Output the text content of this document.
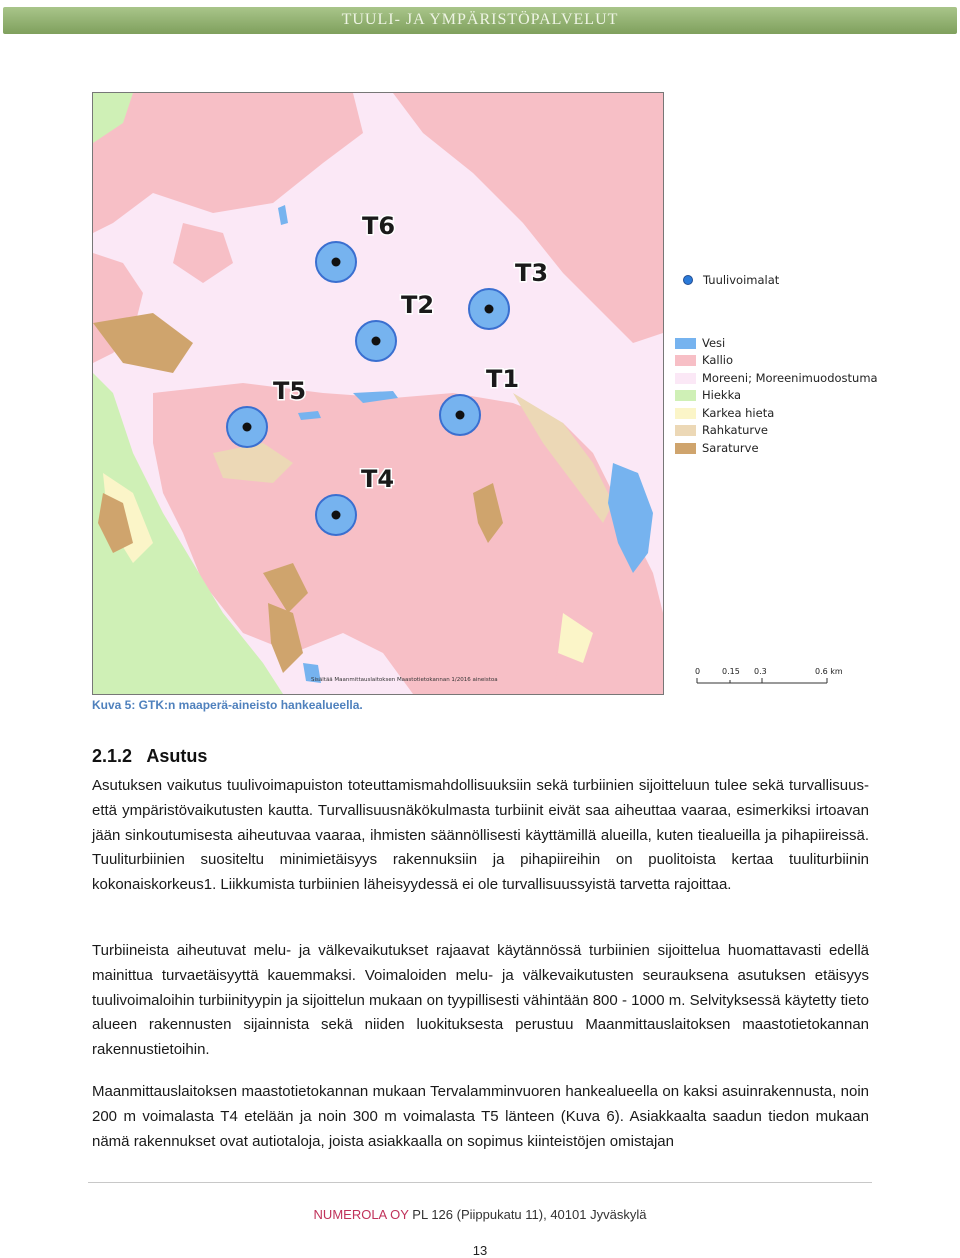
TUULI- JA YMPÄRISTÖPALVELUT
T6
T2
T3
T1
T5
T4
Sisältää Maanmittauslaitoksen Maastotietokannan 1/2016 aineistoa
Tuulivoimalat
Vesi
Kallio
Moreeni; Moreenimuodostuma
Hiekka
Karkea hieta
Rahkaturve
Saraturve
0	0.15 0.3	0.6 km
Kuva 5: GTK:n maaperä-aineisto hankealueella.
2.1.2 Asutus

Asutuksen vaikutus tuulivoimapuiston toteuttamismahdollisuuksiin sekä turbiinien sijoitteluun tulee sekä turvallisuus- että ympäristövaikutusten kautta. Turvallisuusnäkökulmasta turbiinit eivät saa aiheuttaa vaaraa, esimerkiksi irtoavan jään sinkoutumisesta aiheutuvaa vaaraa, ihmisten säännöllisesti käyttämillä alueilla, kuten tiealueilla ja pihapiireissä. Tuuliturbiinien suositeltu minimietäisyys rakennuksiin ja pihapiireihin on puolitoista kertaa tuuliturbiinin kokonaiskorkeus1. Liikkumista turbiinien läheisyydessä ei ole turvallisuussyistä tarvetta rajoittaa.

Turbiineista aiheutuvat melu- ja välkevaikutukset rajaavat käytännössä turbiinien sijoittelua huomattavasti edellä mainittua turvaetäisyyttä kauemmaksi. Voimaloiden melu- ja välkevaikutusten seurauksena asutuksen etäisyys tuulivoimaloihin turbiinityypin ja sijoittelun mukaan on tyypillisesti vähintään 800 - 1000 m. Selvityksessä käytetty tieto alueen rakennusten sijainnista sekä niiden luokituksesta perustuu Maanmittauslaitoksen maastotietokannan rakennustietoihin.

Maanmittauslaitoksen maastotietokannan mukaan Tervalamminvuoren hankealueella on kaksi asuinrakennusta, noin 200 m voimalasta T4 etelään ja noin 300 m voimalasta T5 länteen (Kuva 6). Asiakkaalta saadun tiedon mukaan nämä rakennukset ovat autiotaloja, joista asiakkaalla on sopimus kiinteistöjen omistajan

NUMEROLA OY PL 126 (Piippukatu 11), 40101 Jyväskylä
13
